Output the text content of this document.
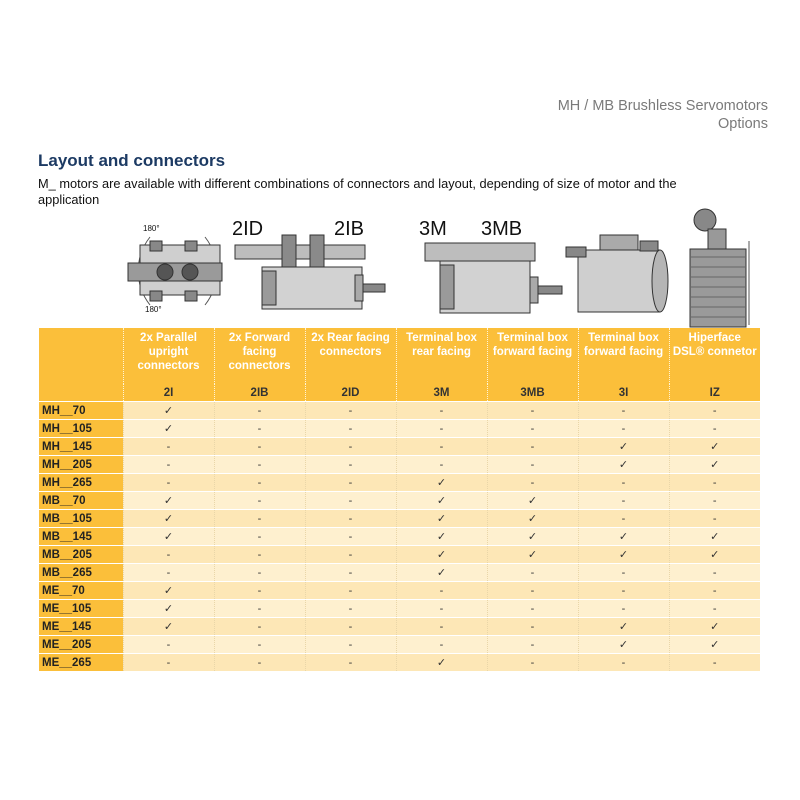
MH / MB Brushless Servomotors
Options
Layout and connectors

M_ motors are available with different combinations of connectors and layout, depending of size of motor and the application

180°
180°
2ID	2IB	3M 3MB
	2x Parallel upright connectors	2x Forward facing connectors	2x Rear facing connectors	Terminal box rear facing	Terminal box forward facing	Terminal box forward facing	Hiperface DSL® connetor
	2I	2IB	2ID	3M	3MB	3I	IZ
MH__70	✓	-	-	-	-	-	-
MH__105	✓	-	-	-	-	-	-
MH__145	-	-	-	-	-	✓	✓
MH__205	-	-	-	-	-	✓	✓
MH__265	-	-	-	✓	-	-	-
MB__70	✓	-	-	✓	✓	-	-
MB__105	✓	-	-	✓	✓	-	-
MB__145	✓	-	-	✓	✓	✓	✓
MB__205	-	-	-	✓	✓	✓	✓
MB__265	-	-	-	✓	-	-	-
ME__70	✓	-	-	-	-	-	-
ME__105	✓	-	-	-	-	-	-
ME__145	✓	-	-	-	-	✓	✓
ME__205	-	-	-	-	-	✓	✓
ME__265	-	-	-	✓	-	-	-
